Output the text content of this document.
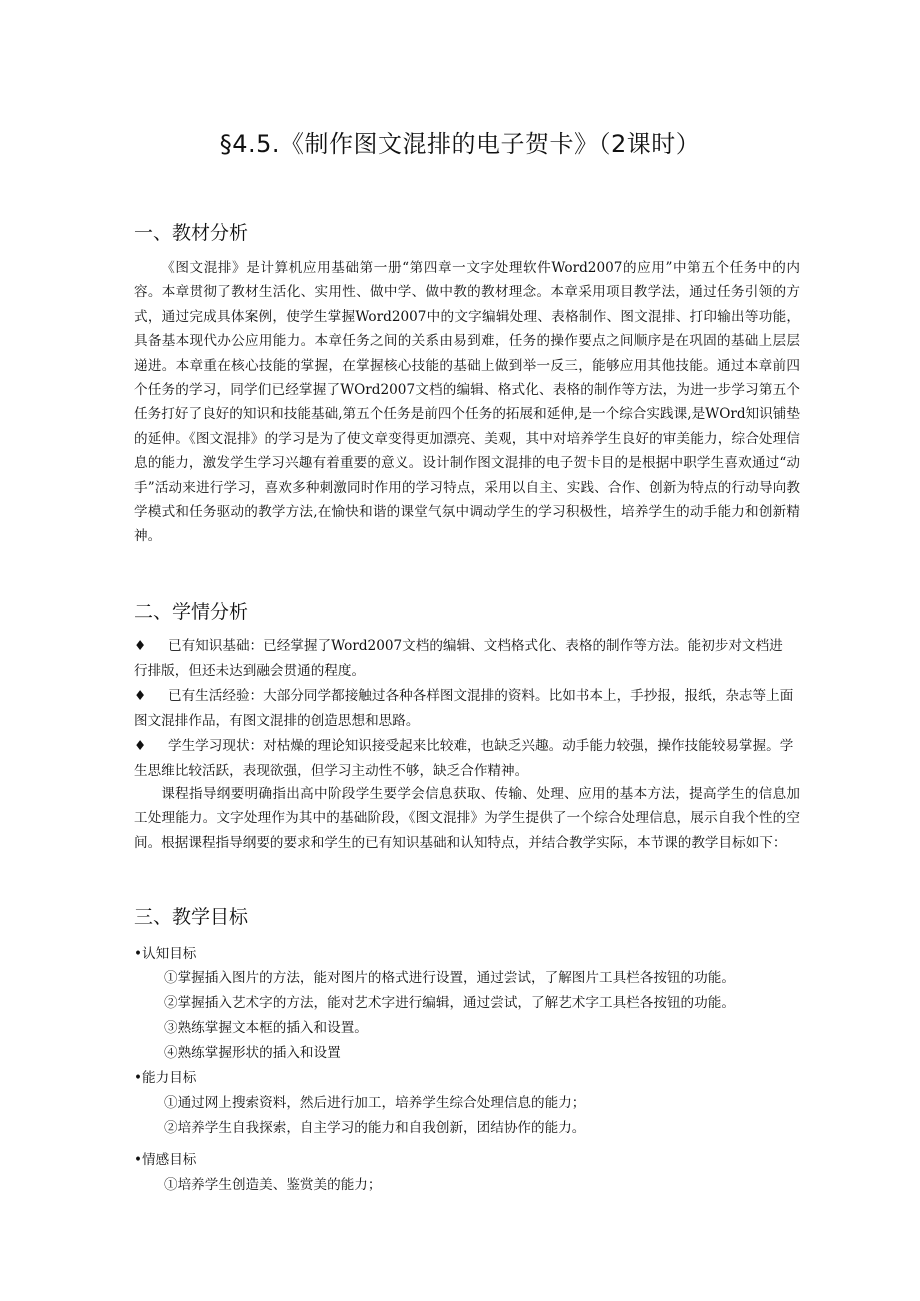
§4.5.《制作图文混排的电子贺卡》（2课时）
一、教材分析

《图文混排》是计算机应用基础第一册“第四章一文字处理软件Word2007的应用”中第五个任务中的内容。本章贯彻了教材生活化、实用性、做中学、做中教的教材理念。本章采用项目教学法，通过任务引领的方式，通过完成具体案例，使学生掌握Word2007中的文字编辑处理、表格制作、图文混排、打印输出等功能，具备基本现代办公应用能力。本章任务之间的关系由易到难，任务的操作要点之间顺序是在巩固的基础上层层递进。本章重在核心技能的掌握，在掌握核心技能的基础上做到举一反三，能够应用其他技能。通过本章前四个任务的学习，同学们已经掌握了WOrd2007文档的编辑、格式化、表格的制作等方法，为进一步学习第五个任务打好了良好的知识和技能基础,第五个任务是前四个任务的拓展和延伸,是一个综合实践课,是WOrd知识铺垫的延伸。《图文混排》的学习是为了使文章变得更加漂亮、美观，其中对培养学生良好的审美能力，综合处理信息的能力，激发学生学习兴趣有着重要的意义。设计制作图文混排的电子贺卡目的是根据中职学生喜欢通过“动手”活动来进行学习，喜欢多种刺激同时作用的学习特点，采用以自主、实践、合作、创新为特点的行动导向教学模式和任务驱动的教学方法,在愉快和谐的课堂气氛中调动学生的学习积极性，培养学生的动手能力和创新精神。

二、学情分析

♦ 已有知识基础：已经掌握了Word2007文档的编辑、文档格式化、表格的制作等方法。能初步对文档进行排版，但还未达到融会贯通的程度。

♦ 已有生活经验：大部分同学都接触过各种各样图文混排的资料。比如书本上，手抄报，报纸，杂志等上面图文混排作品，有图文混排的创造思想和思路。

♦ 学生学习现状：对枯燥的理论知识接受起来比较难，也缺乏兴趣。动手能力较强，操作技能较易掌握。学生思维比较活跃，表现欲强，但学习主动性不够，缺乏合作精神。

课程指导纲要明确指出高中阶段学生要学会信息获取、传输、处理、应用的基本方法，提高学生的信息加工处理能力。文字处理作为其中的基础阶段，《图文混排》为学生提供了一个综合处理信息，展示自我个性的空间。根据课程指导纲要的要求和学生的已有知识基础和认知特点，并结合教学实际，本节课的教学目标如下：

三、教学目标
•认知目标
①掌握插入图片的方法，能对图片的格式进行设置，通过尝试，了解图片工具栏各按钮的功能。
②掌握插入艺术字的方法，能对艺术字进行编辑，通过尝试，了解艺术字工具栏各按钮的功能。
③熟练掌握文本框的插入和设置。
④熟练掌握形状的插入和设置
•能力目标
①通过网上搜索资料，然后进行加工，培养学生综合处理信息的能力；
②培养学生自我探索，自主学习的能力和自我创新，团结协作的能力。
•情感目标
①培养学生创造美、鉴赏美的能力；
